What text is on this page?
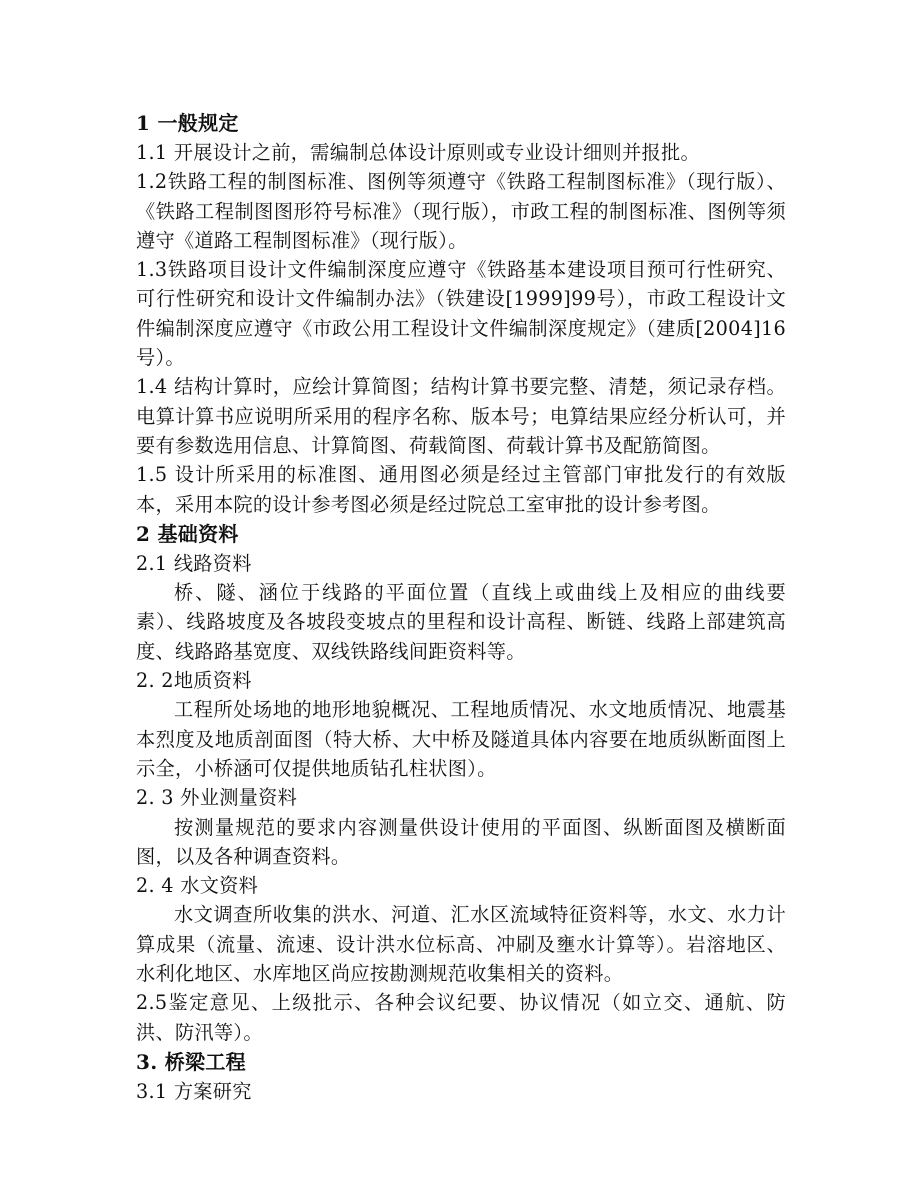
1 一般规定

1.1 开展设计之前，需编制总体设计原则或专业设计细则并报批。

1.2铁路工程的制图标准、图例等须遵守《铁路工程制图标准》（现行版）、《铁路工程制图图形符号标准》（现行版），市政工程的制图标准、图例等须遵守《道路工程制图标准》（现行版）。

1.3铁路项目设计文件编制深度应遵守《铁路基本建设项目预可行性研究、可行性研究和设计文件编制办法》（铁建设[1999]99号），市政工程设计文件编制深度应遵守《市政公用工程设计文件编制深度规定》（建质[2004]16号）。

1.4 结构计算时，应绘计算简图；结构计算书要完整、清楚，须记录存档。电算计算书应说明所采用的程序名称、版本号；电算结果应经分析认可，并要有参数选用信息、计算简图、荷载简图、荷载计算书及配筋简图。

1.5 设计所采用的标准图、通用图必须是经过主管部门审批发行的有效版本，采用本院的设计参考图必须是经过院总工室审批的设计参考图。

2 基础资料

2.1 线路资料

桥、隧、涵位于线路的平面位置（直线上或曲线上及相应的曲线要素）、线路坡度及各坡段变坡点的里程和设计高程、断链、线路上部建筑高度、线路路基宽度、双线铁路线间距资料等。

2. 2地质资料

工程所处场地的地形地貌概况、工程地质情况、水文地质情况、地震基本烈度及地质剖面图（特大桥、大中桥及隧道具体内容要在地质纵断面图上示全，小桥涵可仅提供地质钻孔柱状图）。

2. 3 外业测量资料

按测量规范的要求内容测量供设计使用的平面图、纵断面图及横断面图，以及各种调查资料。

2. 4 水文资料

水文调查所收集的洪水、河道、汇水区流域特征资料等，水文、水力计算成果（流量、流速、设计洪水位标高、冲刷及壅水计算等）。岩溶地区、水利化地区、水库地区尚应按勘测规范收集相关的资料。

2.5鉴定意见、上级批示、各种会议纪要、协议情况（如立交、通航、防洪、防汛等）。

3. 桥梁工程

3.1 方案研究
